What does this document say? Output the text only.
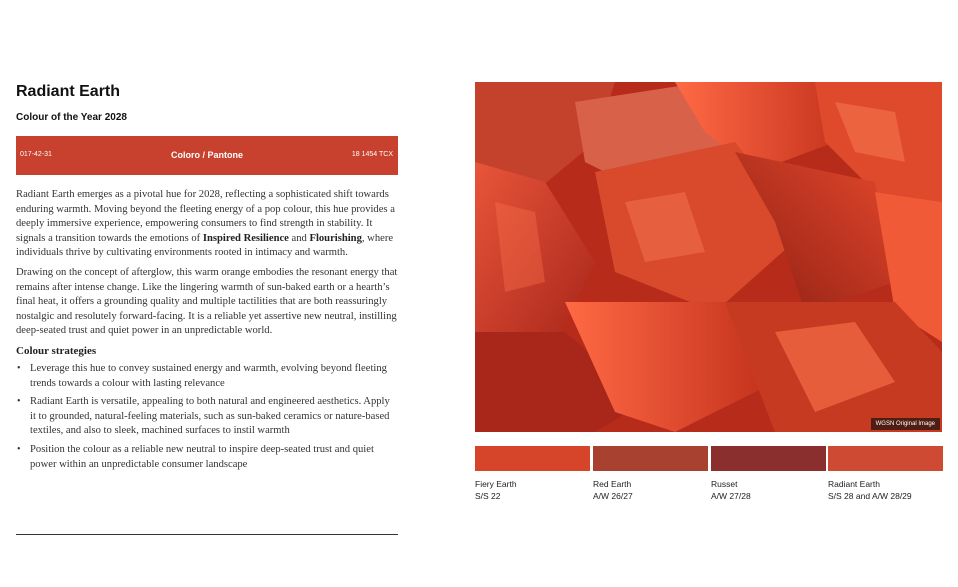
Radiant Earth
Colour of the Year 2028
017-42-31	Coloro / Pantone	18 1454 TCX
Radiant Earth emerges as a pivotal hue for 2028, reflecting a sophisticated shift towards enduring warmth. Moving beyond the fleeting energy of a pop colour, this hue provides a deeply immersive experience, empowering consumers to find strength in stability. It signals a transition towards the emotions of Inspired Resilience and Flourishing, where individuals thrive by cultivating environments rooted in intimacy and warmth.
Drawing on the concept of afterglow, this warm orange embodies the resonant energy that remains after intense change. Like the lingering warmth of sun-baked earth or a hearth’s final heat, it offers a grounding quality and multiple tactilities that are both reassuringly nostalgic and resolutely forward-facing. It is a reliable yet assertive new neutral, instilling deep-seated trust and quiet power in an unpredictable world.
Colour strategies
• Leverage this hue to convey sustained energy and warmth, evolving beyond fleeting trends towards a colour with lasting relevance
• Radiant Earth is versatile, appealing to both natural and engineered aesthetics. Apply it to grounded, natural-feeling materials, such as sun-baked ceramics or nature-based textiles, and also to sleek, machined surfaces to instil warmth
• Position the colour as a reliable new neutral to inspire deep-seated trust and quiet power within an unpredictable consumer landscape
WGSN Original Image
Fiery Earth
S/S 22
Red Earth
A/W 26/27
Russet
A/W 27/28
Radiant Earth
S/S 28 and A/W 28/29
